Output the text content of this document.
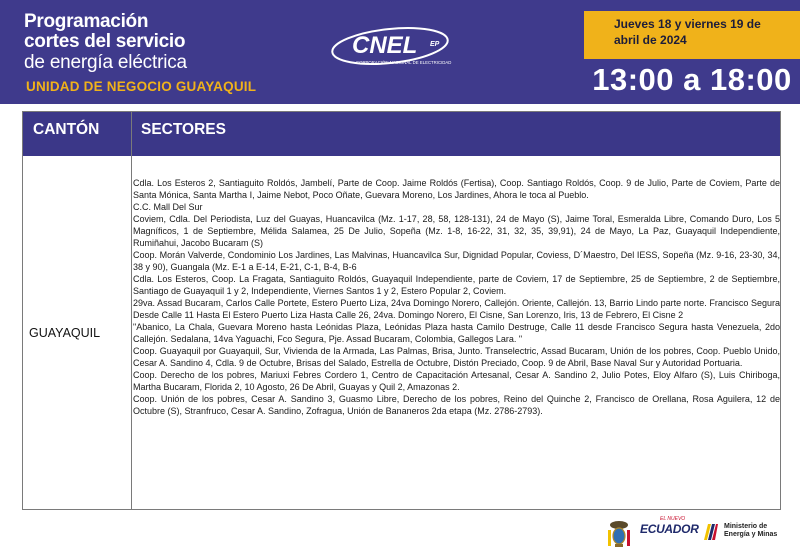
Programación
cortes del servicio
de energía eléctrica
UNIDAD DE NEGOCIO GUAYAQUIL
CNEL EP
CORPORACIÓN NACIONAL DE ELECTRICIDAD
Jueves 18 y viernes 19 de
abril de 2024
13:00 a 18:00
CANTÓN	SECTORES
GUAYAQUIL

Cdla. Los Esteros 2, Santiaguito Roldós, Jambelí, Parte de Coop. Jaime Roldós (Fertisa), Coop. Santiago Roldós, Coop. 9 de Julio, Parte de Coviem, Parte de Santa Mónica, Santa Martha I, Jaime Nebot, Poco Oñate, Guevara Moreno, Los Jardines, Ahora le toca al Pueblo.

C.C. Mall Del Sur

Coviem, Cdla. Del Periodista, Luz del Guayas, Huancavilca (Mz. 1-17, 28, 58, 128-131), 24 de Mayo (S), Jaime Toral, Esmeralda Libre, Comando Duro, Los 5 Magníficos, 1 de Septiembre, Mélida Salamea, 25 De Julio, Sopeña (Mz. 1-8, 16-22, 31, 32, 35, 39,91), 24 de Mayo, La Paz, Guayaquil Independiente, Rumiñahui, Jacobo Bucaram (S)

Coop. Morán Valverde, Condominio Los Jardines, Las Malvinas, Huancavilca Sur, Dignidad Popular, Coviess, D´Maestro, Del IESS, Sopeña (Mz. 9-16, 23-30, 34, 38 y 90), Guangala (Mz. E-1 a E-14, E-21, C-1, B-4, B-6

Cdla. Los Esteros, Coop. La Fragata, Santiaguito Roldós, Guayaquil Independiente, parte de Coviem, 17 de Septiembre, 25 de Septiembre, 2 de Septiembre, Santiago de Guayaquil 1 y 2, Independiente, Viernes Santos 1 y 2, Estero Popular 2, Coviem.

29va. Assad Bucaram, Carlos Calle Portete, Estero Puerto Liza, 24va Domingo Norero, Callejón. Oriente, Callejón. 13, Barrio Lindo parte norte. Francisco Segura Desde Calle 11 Hasta El Estero Puerto Liza Hasta Calle 26, 24va. Domingo Norero, El Cisne, San Lorenzo, Iris, 13 de Febrero, El Cisne 2

"Abanico, La Chala, Guevara Moreno hasta Leónidas Plaza, Leónidas Plaza hasta Camilo Destruge, Calle 11 desde Francisco Segura hasta Venezuela, 2do Callejón. Sedalana, 14va Yaguachi, Fco Segura, Pje. Assad Bucaram, Colombia, Gallegos Lara. "

Coop. Guayaquil por Guayaquil, Sur, Vivienda de la Armada, Las Palmas, Brisa, Junto. Transelectric, Assad Bucaram, Unión de los pobres, Coop. Pueblo Unido, Cesar A. Sandino 4, Cdla. 9 de Octubre, Brisas del Salado, Estrella de Octubre, Distón Preciado, Coop. 9 de Abril, Base Naval Sur y Autoridad Portuaria.

Coop. Derecho de los pobres, Mariuxi Febres Cordero 1, Centro de Capacitación Artesanal, Cesar A. Sandino 2, Julio Potes, Eloy Alfaro (S), Luis Chiriboga, Martha Bucaram, Florida 2, 10 Agosto, 26 De Abril, Guayas y Quil 2, Amazonas 2.

Coop. Unión de los pobres, Cesar A. Sandino 3, Guasmo Libre, Derecho de los pobres, Reino del Quinche 2, Francisco de Orellana, Rosa Aguilera, 12 de Octubre (S), Stranfruco, Cesar A. Sandino, Zofragua, Unión de Bananeros 2da etapa (Mz. 2786-2793).

EL NUEVO
ECUADOR	Ministerio de
Energía y Minas
